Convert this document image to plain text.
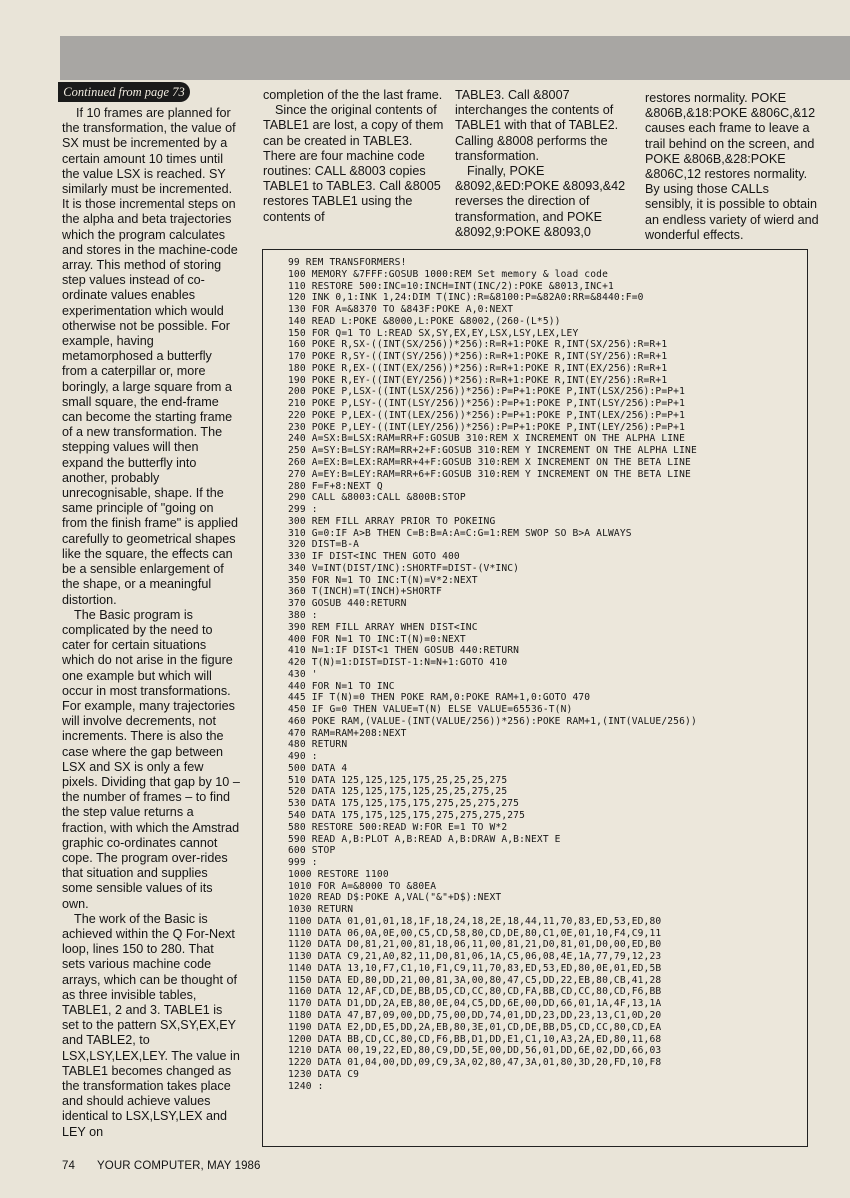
Continued from page 73

If 10 frames are planned for the transformation, the value of SX must be incremented by a certain amount 10 times until the value LSX is reached. SY similarly must be incremented. It is those incremental steps on the alpha and beta trajectories which the program calculates and stores in the machine-code array. This method of storing step values instead of co-ordinate values enables experimentation which would otherwise not be possible. For example, having metamorphosed a butterfly from a caterpillar or, more boringly, a large square from a small square, the end-frame can become the starting frame of a new transformation. The stepping values will then expand the butterfly into another, probably unrecognisable, shape. If the same principle of "going on from the finish frame" is applied carefully to geometrical shapes like the square, the effects can be a sensible enlargement of the shape, or a meaningful distortion.

The Basic program is complicated by the need to cater for certain situations which do not arise in the figure one example but which will occur in most transformations. For example, many trajectories will involve decrements, not increments. There is also the case where the gap between LSX and SX is only a few pixels. Dividing that gap by 10 – the number of frames – to find the step value returns a fraction, with which the Amstrad graphic co-ordinates cannot cope. The program over-rides that situation and supplies some sensible values of its own.

The work of the Basic is achieved within the Q For-Next loop, lines 150 to 280. That sets various machine code arrays, which can be thought of as three invisible tables, TABLE1, 2 and 3. TABLE1 is set to the pattern SX,SY,EX,EY and TABLE2, to LSX,LSY,LEX,LEY. The value in TABLE1 becomes changed as the transformation takes place and should achieve values identical to LSX,LSY,LEX and LEY on

completion of the the last frame.

Since the original contents of TABLE1 are lost, a copy of them can be created in TABLE3. There are four machine code routines: CALL &8003 copies TABLE1 to TABLE3. Call &8005 restores TABLE1 using the contents of

TABLE3. Call &8007 interchanges the contents of TABLE1 with that of TABLE2. Calling &8008 performs the transformation.

Finally, POKE &8092,&ED:POKE &8093,&42 reverses the direction of transformation, and POKE &8092,9:POKE &8093,0

restores normality. POKE &806B,&18:POKE &806C,&12 causes each frame to leave a trail behind on the screen, and POKE &806B,&28:POKE &806C,12 restores normality. By using those CALLs sensibly, it is possible to obtain an endless variety of wierd and wonderful effects.

99 REM TRANSFORMERS!
100 MEMORY &7FFF:GOSUB 1000:REM Set memory & load code
110 RESTORE 500:INC=10:INCH=INT(INC/2):POKE &8013,INC+1
120 INK 0,1:INK 1,24:DIM T(INC):R=&8100:P=&82A0:RR=&8440:F=0
130 FOR A=&8370 TO &843F:POKE A,0:NEXT
140 READ L:POKE &8000,L:POKE &8002,(260-(L*5))
150 FOR Q=1 TO L:READ SX,SY,EX,EY,LSX,LSY,LEX,LEY
160 POKE R,SX-((INT(SX/256))*256):R=R+1:POKE R,INT(SX/256):R=R+1
170 POKE R,SY-((INT(SY/256))*256):R=R+1:POKE R,INT(SY/256):R=R+1
180 POKE R,EX-((INT(EX/256))*256):R=R+1:POKE R,INT(EX/256):R=R+1
190 POKE R,EY-((INT(EY/256))*256):R=R+1:POKE R,INT(EY/256):R=R+1
200 POKE P,LSX-((INT(LSX/256))*256):P=P+1:POKE P,INT(LSX/256):P=P+1
210 POKE P,LSY-((INT(LSY/256))*256):P=P+1:POKE P,INT(LSY/256):P=P+1
220 POKE P,LEX-((INT(LEX/256))*256):P=P+1:POKE P,INT(LEX/256):P=P+1
230 POKE P,LEY-((INT(LEY/256))*256):P=P+1:POKE P,INT(LEY/256):P=P+1
240 A=SX:B=LSX:RAM=RR+F:GOSUB 310:REM X INCREMENT ON THE ALPHA LINE
250 A=SY:B=LSY:RAM=RR+2+F:GOSUB 310:REM Y INCREMENT ON THE ALPHA LINE
260 A=EX:B=LEX:RAM=RR+4+F:GOSUB 310:REM X INCREMENT ON THE BETA LINE
270 A=EY:B=LEY:RAM=RR+6+F:GOSUB 310:REM Y INCREMENT ON THE BETA LINE
280 F=F+8:NEXT Q
290 CALL &8003:CALL &800B:STOP
299 :
300 REM FILL ARRAY PRIOR TO POKEING
310 G=0:IF A>B THEN C=B:B=A:A=C:G=1:REM SWOP SO B>A ALWAYS
320 DIST=B-A
330 IF DIST<INC THEN GOTO 400
340 V=INT(DIST/INC):SHORTF=DIST-(V*INC)
350 FOR N=1 TO INC:T(N)=V*2:NEXT
360 T(INCH)=T(INCH)+SHORTF
370 GOSUB 440:RETURN
380 :
390 REM FILL ARRAY WHEN DIST<INC
400 FOR N=1 TO INC:T(N)=0:NEXT
410 N=1:IF DIST<1 THEN GOSUB 440:RETURN
420 T(N)=1:DIST=DIST-1:N=N+1:GOTO 410
430 '
440 FOR N=1 TO INC
445 IF T(N)=0 THEN POKE RAM,0:POKE RAM+1,0:GOTO 470
450 IF G=0 THEN VALUE=T(N) ELSE VALUE=65536-T(N)
460 POKE RAM,(VALUE-(INT(VALUE/256))*256):POKE RAM+1,(INT(VALUE/256))
470 RAM=RAM+208:NEXT
480 RETURN
490 :
500 DATA 4
510 DATA 125,125,125,175,25,25,25,275
520 DATA 125,125,175,125,25,25,275,25
530 DATA 175,125,175,175,275,25,275,275
540 DATA 175,175,125,175,275,275,275,275
580 RESTORE 500:READ W:FOR E=1 TO W*2
590 READ A,B:PLOT A,B:READ A,B:DRAW A,B:NEXT E
600 STOP
999 :
1000 RESTORE 1100
1010 FOR A=&8000 TO &80EA
1020 READ D$:POKE A,VAL("&"+D$):NEXT
1030 RETURN
1100 DATA 01,01,01,18,1F,18,24,18,2E,18,44,11,70,83,ED,53,ED,80
1110 DATA 06,0A,0E,00,C5,CD,58,80,CD,DE,80,C1,0E,01,10,F4,C9,11
1120 DATA D0,81,21,00,81,18,06,11,00,81,21,D0,81,01,D0,00,ED,B0
1130 DATA C9,21,A0,82,11,D0,81,06,1A,C5,06,08,4E,1A,77,79,12,23
1140 DATA 13,10,F7,C1,10,F1,C9,11,70,83,ED,53,ED,80,0E,01,ED,5B
1150 DATA ED,80,DD,21,00,81,3A,00,80,47,C5,DD,22,EB,80,CB,41,28
1160 DATA 12,AF,CD,DE,BB,D5,CD,CC,80,CD,FA,BB,CD,CC,80,CD,F6,BB
1170 DATA D1,DD,2A,EB,80,0E,04,C5,DD,6E,00,DD,66,01,1A,4F,13,1A
1180 DATA 47,B7,09,00,DD,75,00,DD,74,01,DD,23,DD,23,13,C1,0D,20
1190 DATA E2,DD,E5,DD,2A,EB,80,3E,01,CD,DE,BB,D5,CD,CC,80,CD,EA
1200 DATA BB,CD,CC,80,CD,F6,BB,D1,DD,E1,C1,10,A3,2A,ED,80,11,68
1210 DATA 00,19,22,ED,80,C9,DD,5E,00,DD,56,01,DD,6E,02,DD,66,03
1220 DATA 01,04,00,DD,09,C9,3A,02,80,47,3A,01,80,3D,20,FD,10,F8
1230 DATA C9
1240 :
74 YOUR COMPUTER, MAY 1986
